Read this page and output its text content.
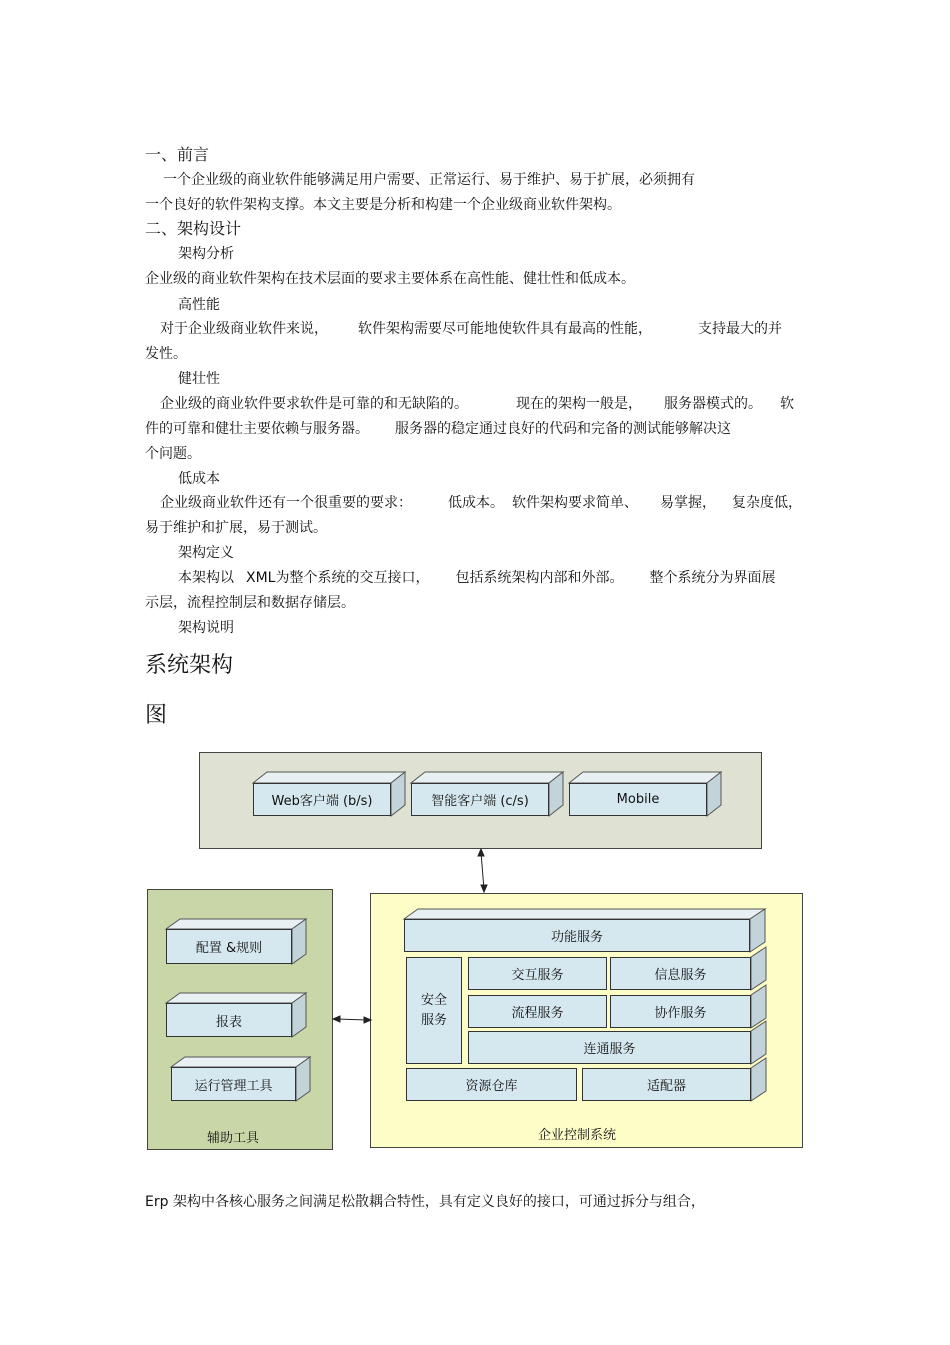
一、前言
一个企业级的商业软件能够满足用户需要、正常运行、易于维护、易于扩展，必须拥有
一个良好的软件架构支撑。本文主要是分析和构建一个企业级商业软件架构。
二、架构设计
架构分析
企业级的商业软件架构在技术层面的要求主要体系在高性能、健壮性和低成本。
高性能
对于企业级商业软件来说， 软件架构需要尽可能地使软件具有最高的性能，	支持最大的并
发性。
健壮性
企业级的商业软件要求软件是可靠的和无缺陷的。	现在的架构一般是， 服务器模式的。 软
件的可靠和健壮主要依赖与服务器。 服务器的稳定通过良好的代码和完备的测试能够解决这
个问题。
低成本
企业级商业软件还有一个很重要的要求：	低成本。 软件架构要求简单、 易掌握， 复杂度低，
易于维护和扩展，易于测试。
架构定义
本架构以 XML为整个系统的交互接口， 包括系统架构内部和外部。 整个系统分为界面展
示层，流程控制层和数据存储层。
架构说明
系统架构
图
Web客户端 (b/s)	智能客户端 (c/s)	Mobile
配置 &规则
报表
运行管理工具
辅助工具
功能服务
安全
服务
交互服务	信息服务
流程服务	协作服务
连通服务
资源仓库	适配器
企业控制系统
Erp 架构中各核心服务之间满足松散耦合特性，具有定义良好的接口，可通过拆分与组合，
